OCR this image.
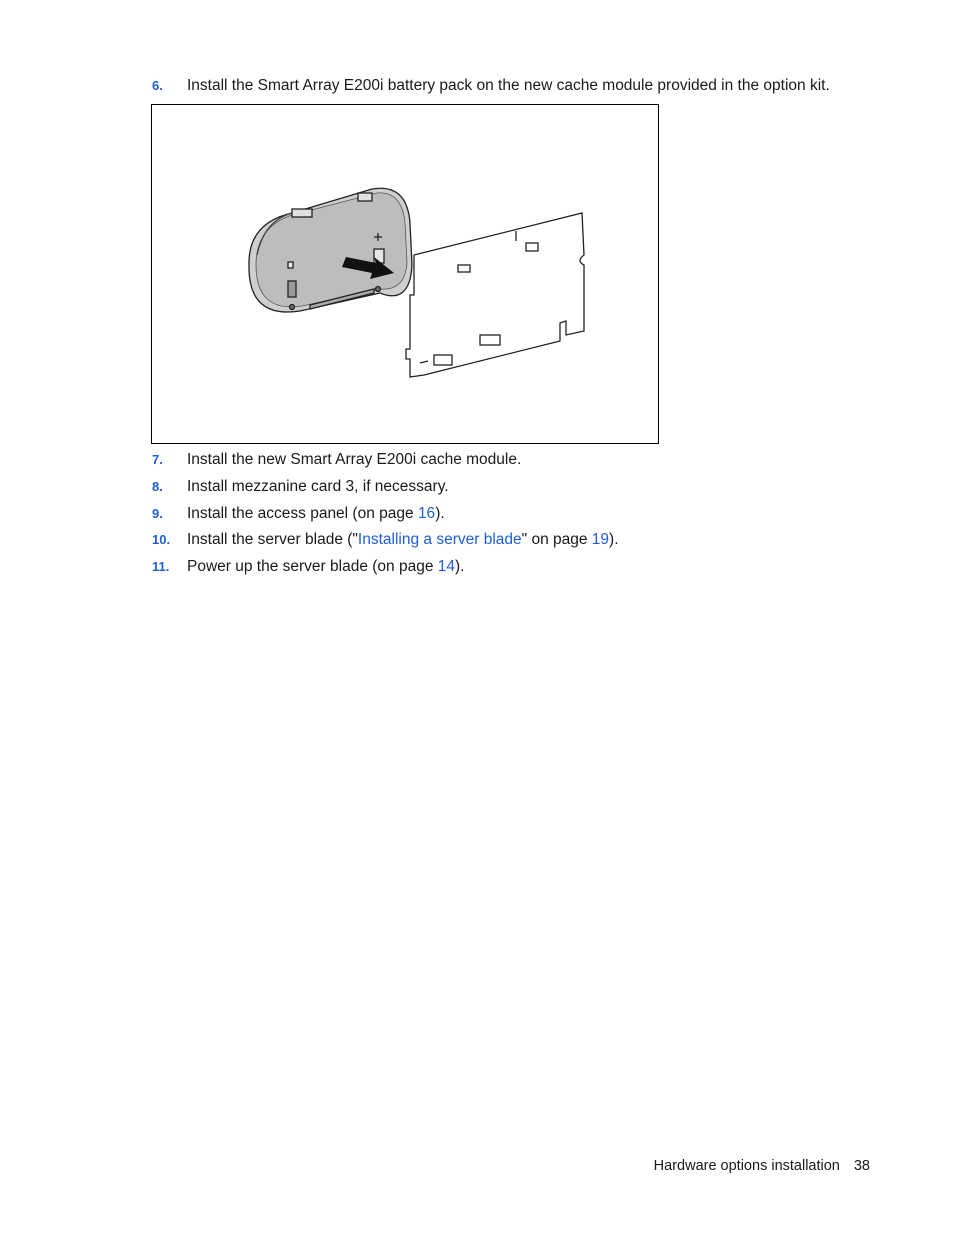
6. Install the Smart Array E200i battery pack on the new cache module provided in the option kit.
7. Install the new Smart Array E200i cache module.
8. Install mezzanine card 3, if necessary.
9. Install the access panel (on page 16).
10. Install the server blade ("Installing a server blade" on page 19).
11. Power up the server blade (on page 14).
Hardware options installation 38
